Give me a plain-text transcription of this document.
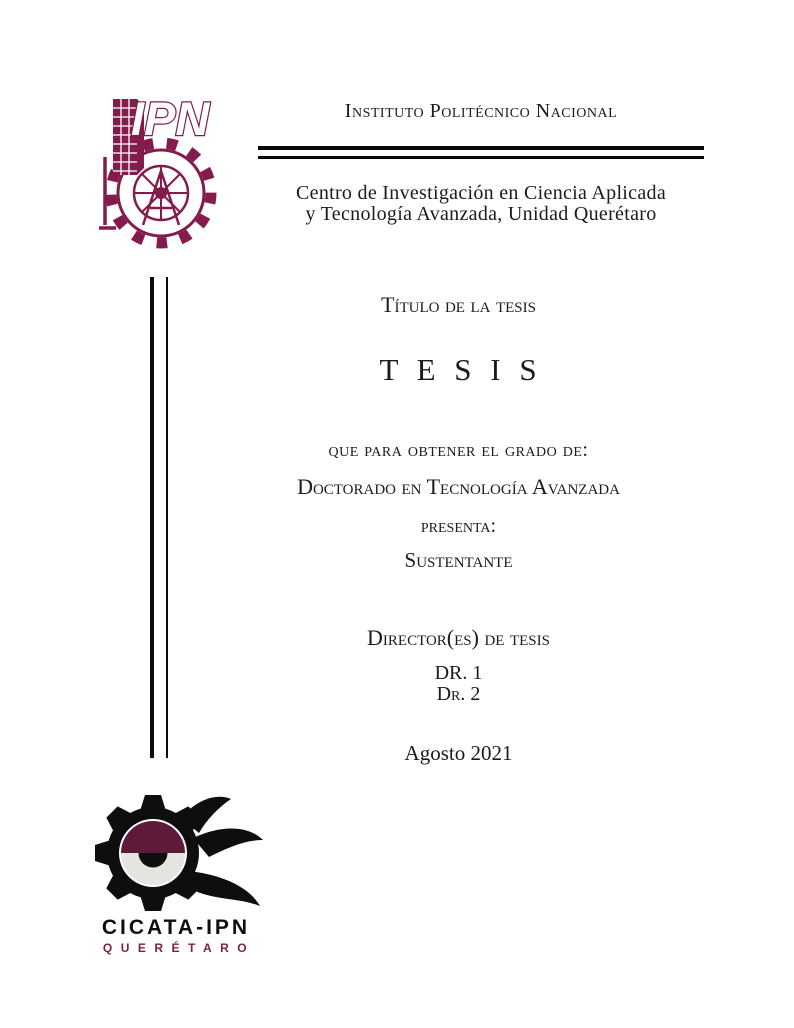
IPN	Instituto Politécnico Nacional
Centro de Investigación en Ciencia Aplicada
y Tecnología Avanzada, Unidad Querétaro
Título de la tesis
T E S I S
que para obtener el grado de:
Doctorado en Tecnología Avanzada
presenta:
Sustentante
Director(es) de tesis
DR. 1
Dr. 2
Agosto 2021
CICATA-IPN
QUERÉTARO
